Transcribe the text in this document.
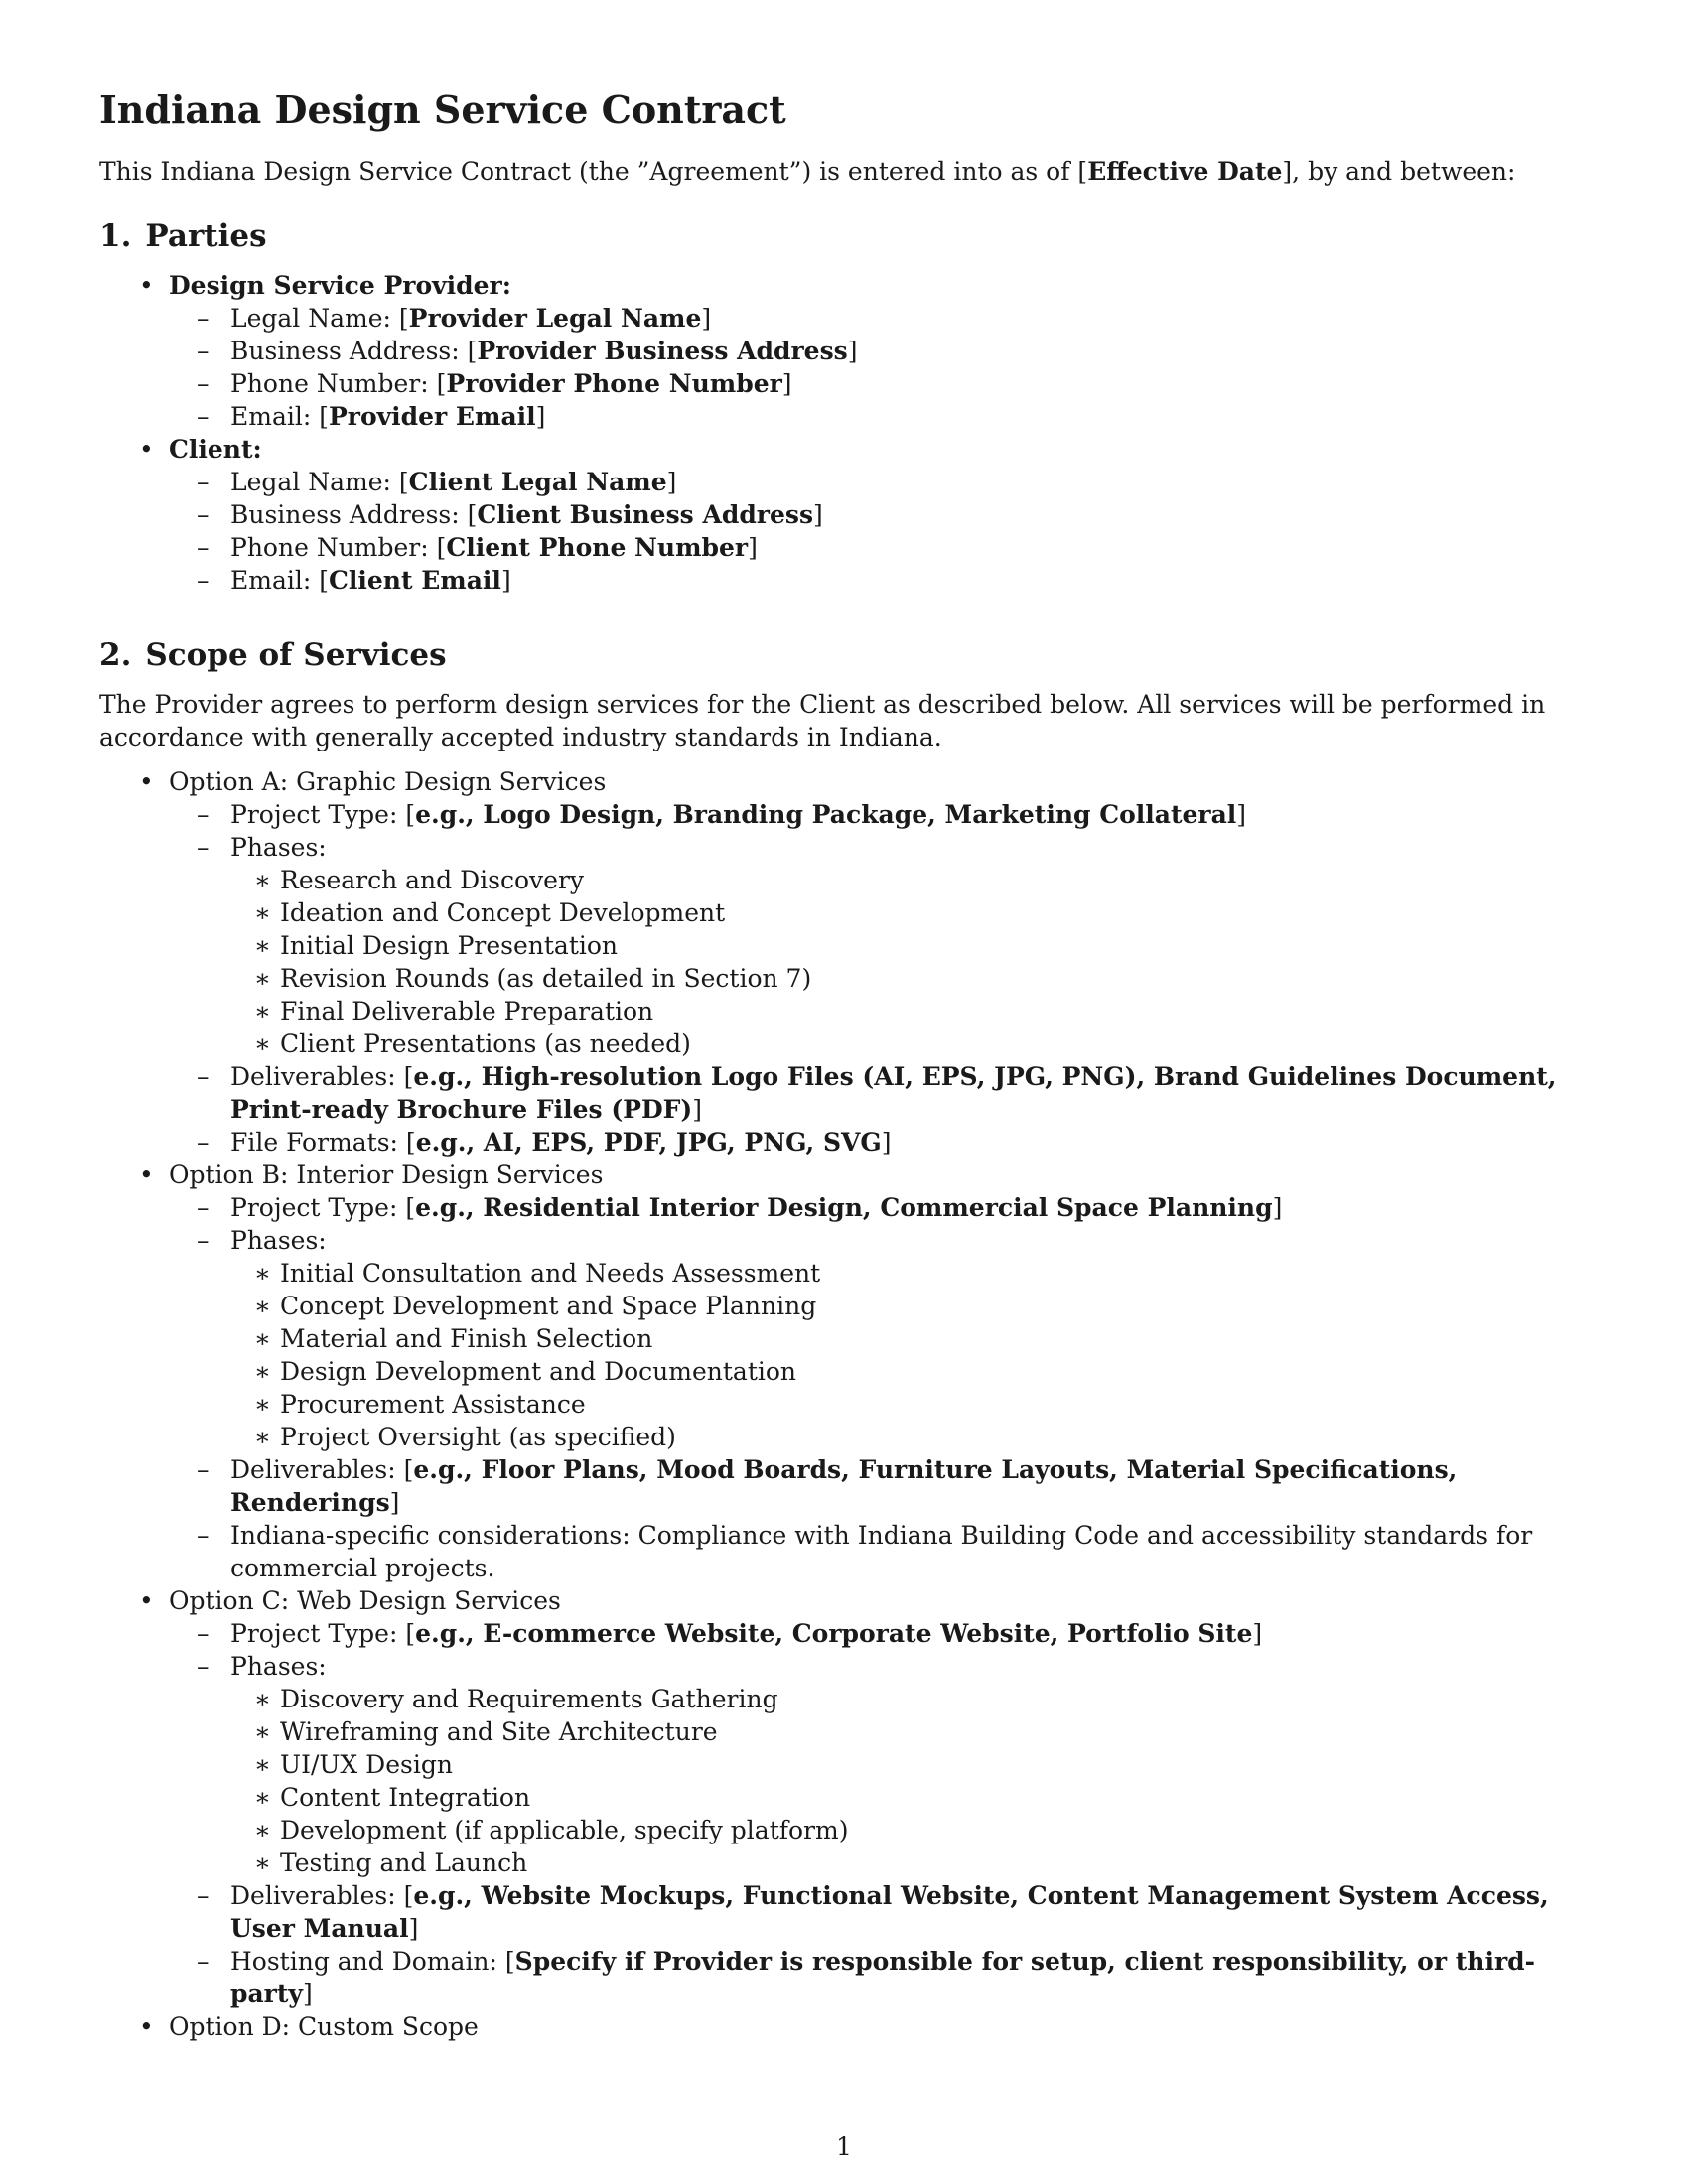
Indiana Design Service Contract

This Indiana Design Service Contract (the ”Agreement”) is entered into as of [Effective Date], by and between:

1. Parties
• Design Service Provider:
– Legal Name: [Provider Legal Name]
– Business Address: [Provider Business Address]
– Phone Number: [Provider Phone Number]
– Email: [Provider Email]
• Client:
– Legal Name: [Client Legal Name]
– Business Address: [Client Business Address]
– Phone Number: [Client Phone Number]
– Email: [Client Email]
2. Scope of Services

The Provider agrees to perform design services for the Client as described below. All services will be performed in accordance with generally accepted industry standards in Indiana.

• Option A: Graphic Design Services
– Project Type: [e.g., Logo Design, Branding Package, Marketing Collateral]
– Phases:
∗ Research and Discovery
∗ Ideation and Concept Development
∗ Initial Design Presentation
∗ Revision Rounds (as detailed in Section 7)
∗ Final Deliverable Preparation
∗ Client Presentations (as needed)
– Deliverables: [e.g., High-resolution Logo Files (AI, EPS, JPG, PNG), Brand Guidelines Document, Print-ready Brochure Files (PDF)]
– File Formats: [e.g., AI, EPS, PDF, JPG, PNG, SVG]
• Option B: Interior Design Services
– Project Type: [e.g., Residential Interior Design, Commercial Space Planning]
– Phases:
∗ Initial Consultation and Needs Assessment
∗ Concept Development and Space Planning
∗ Material and Finish Selection
∗ Design Development and Documentation
∗ Procurement Assistance
∗ Project Oversight (as specified)
– Deliverables: [e.g., Floor Plans, Mood Boards, Furniture Layouts, Material Specifications, Renderings]
– Indiana-specific considerations: Compliance with Indiana Building Code and accessibility standards for commercial projects.
• Option C: Web Design Services
– Project Type: [e.g., E-commerce Website, Corporate Website, Portfolio Site]
– Phases:
∗ Discovery and Requirements Gathering
∗ Wireframing and Site Architecture
∗ UI/UX Design
∗ Content Integration
∗ Development (if applicable, specify platform)
∗ Testing and Launch
– Deliverables: [e.g., Website Mockups, Functional Website, Content Management System Access, User Manual]
– Hosting and Domain: [Specify if Provider is responsible for setup, client responsibility, or third-party]
• Option D: Custom Scope
1
